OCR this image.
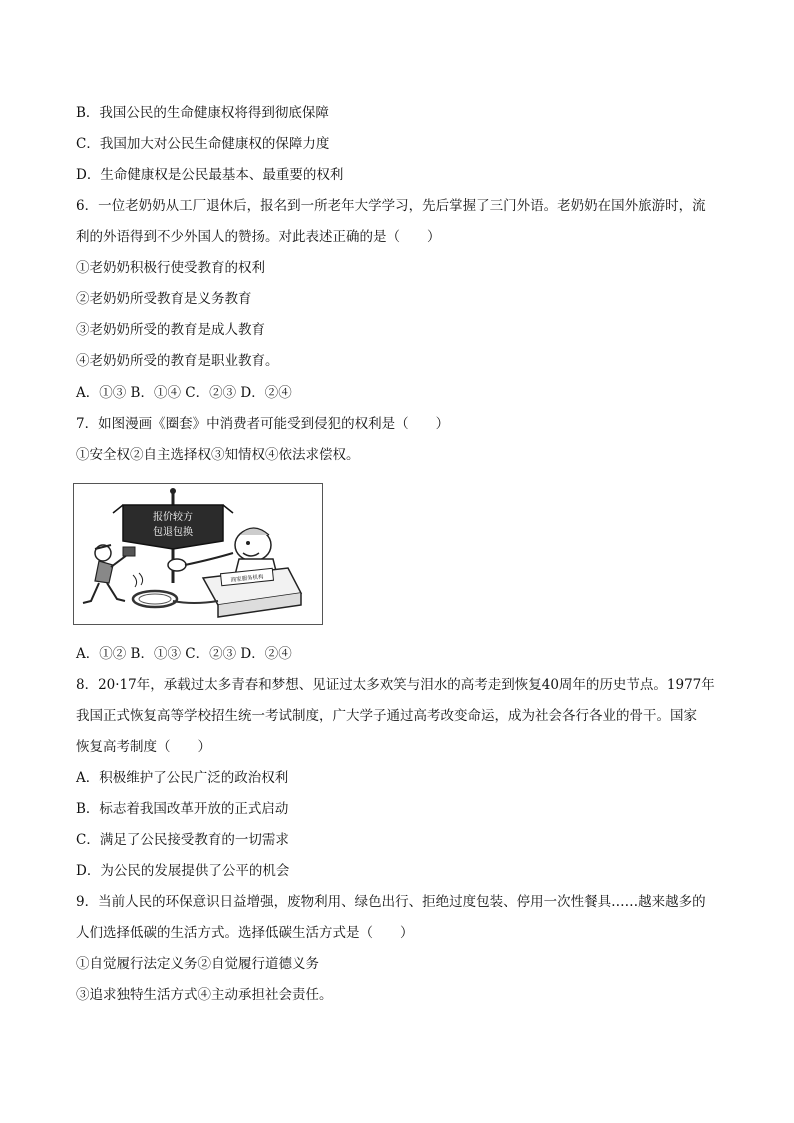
B．我国公民的生命健康权将得到彻底保障
C．我国加大对公民生命健康权的保障力度
D．生命健康权是公民最基本、最重要的权利
6．一位老奶奶从工厂退休后，报名到一所老年大学学习，先后掌握了三门外语。老奶奶在国外旅游时，流
利的外语得到不少外国人的赞扬。对此表述正确的是（　　）
①老奶奶积极行使受教育的权利
②老奶奶所受教育是义务教育
③老奶奶所受的教育是成人教育
④老奶奶所受的教育是职业教育。
A．①③ B．①④ C．②③ D．②④
7．如图漫画《圈套》中消费者可能受到侵犯的权利是（　　）
①安全权②自主选择权③知情权④依法求偿权。
报价较方
包退包换
商家服务机构
A．①② B．①③ C．②③ D．②④
8．20·17年，承载过太多青春和梦想、见证过太多欢笑与泪水的高考走到恢复40周年的历史节点。1977年
我国正式恢复高等学校招生统一考试制度，广大学子通过高考改变命运，成为社会各行各业的骨干。国家
恢复高考制度（　　）
A．积极维护了公民广泛的政治权利
B．标志着我国改革开放的正式启动
C．满足了公民接受教育的一切需求
D．为公民的发展提供了公平的机会
9．当前人民的环保意识日益增强，废物利用、绿色出行、拒绝过度包装、停用一次性餐具……越来越多的
人们选择低碳的生活方式。选择低碳生活方式是（　　）
①自觉履行法定义务②自觉履行道德义务
③追求独特生活方式④主动承担社会责任。
